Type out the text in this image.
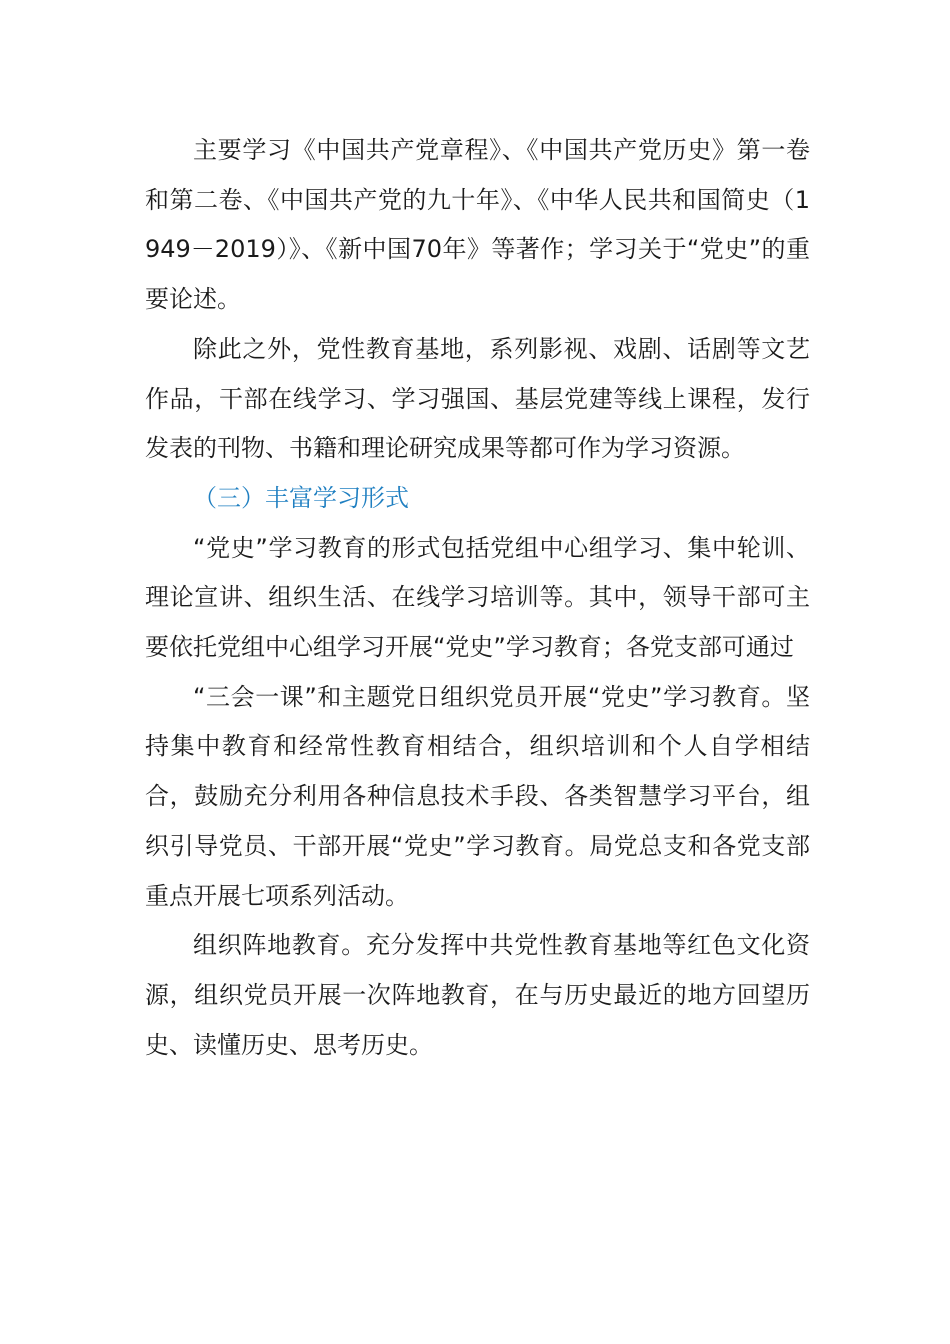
主要学习《中国共产党章程》、《中国共产党历史》第一卷和第二卷、《中国共产党的九十年》、《中华人民共和国简史（1949－2019）》、《新中国70年》等著作；学习关于“党史”的重要论述。

除此之外，党性教育基地，系列影视、戏剧、话剧等文艺作品，干部在线学习、学习强国、基层党建等线上课程，发行发表的刊物、书籍和理论研究成果等都可作为学习资源。

（三）丰富学习形式

“党史”学习教育的形式包括党组中心组学习、集中轮训、理论宣讲、组织生活、在线学习培训等。其中，领导干部可主要依托党组中心组学习开展“党史”学习教育；各党支部可通过

“三会一课”和主题党日组织党员开展“党史”学习教育。坚持集中教育和经常性教育相结合，组织培训和个人自学相结合，鼓励充分利用各种信息技术手段、各类智慧学习平台，组织引导党员、干部开展“党史”学习教育。局党总支和各党支部重点开展七项系列活动。

组织阵地教育。充分发挥中共党性教育基地等红色文化资源，组织党员开展一次阵地教育，在与历史最近的地方回望历史、读懂历史、思考历史。
